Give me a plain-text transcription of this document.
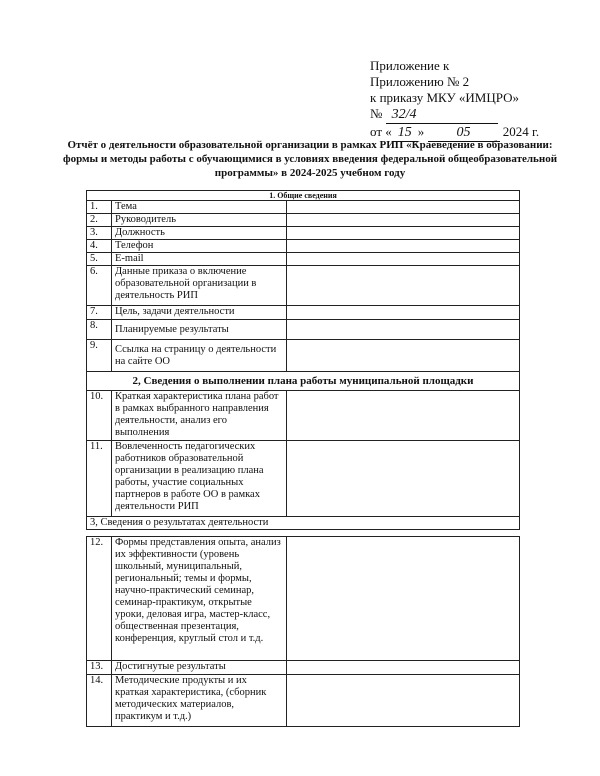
Приложение к
Приложению № 2
к приказу МКУ «ИМЦРО»
№ 32/4
от « 15 » 05 2024 г.
Отчёт о деятельности образовательной организации в рамках РИП «Краеведение в образовании: формы и методы работы с обучающимися в условиях введения федеральной общеобразовательной программы» в 2024-2025 учебном году
1. Общие сведения		
1.	Тема	
2.	Руководитель	
3.	Должность	
4.	Телефон	
5.	E-mail	
6.	Данные приказа о включение образовательной организации в деятельность РИП	
7.	Цель, задачи деятельности	
8.	Планируемые результаты	
9.	Ссылка на страницу о деятельности на сайте ОО	
2, Сведения о выполнении плана работы муниципальной площадки		
10.	Краткая характеристика плана работ в рамках выбранного направления деятельности, анализ его выполнения	
11.	Вовлеченность педагогических работников образовательной организации в реализацию плана работы, участие социальных партнеров в работе ОО в рамках деятельности РИП	
3, Сведения о результатах деятельности		
12.	Формы представления опыта, анализ их эффективности (уровень школьный, муниципальный, региональный; темы и формы, научно-практический семинар, семинар-практикум, открытые уроки, деловая игра, мастер-класс, общественная презентация, конференция, круглый стол и т.д.	
13.	Достигнутые результаты	
14.	Методические продукты и их краткая характеристика, (сборник методических материалов, практикум и т.д.)	
